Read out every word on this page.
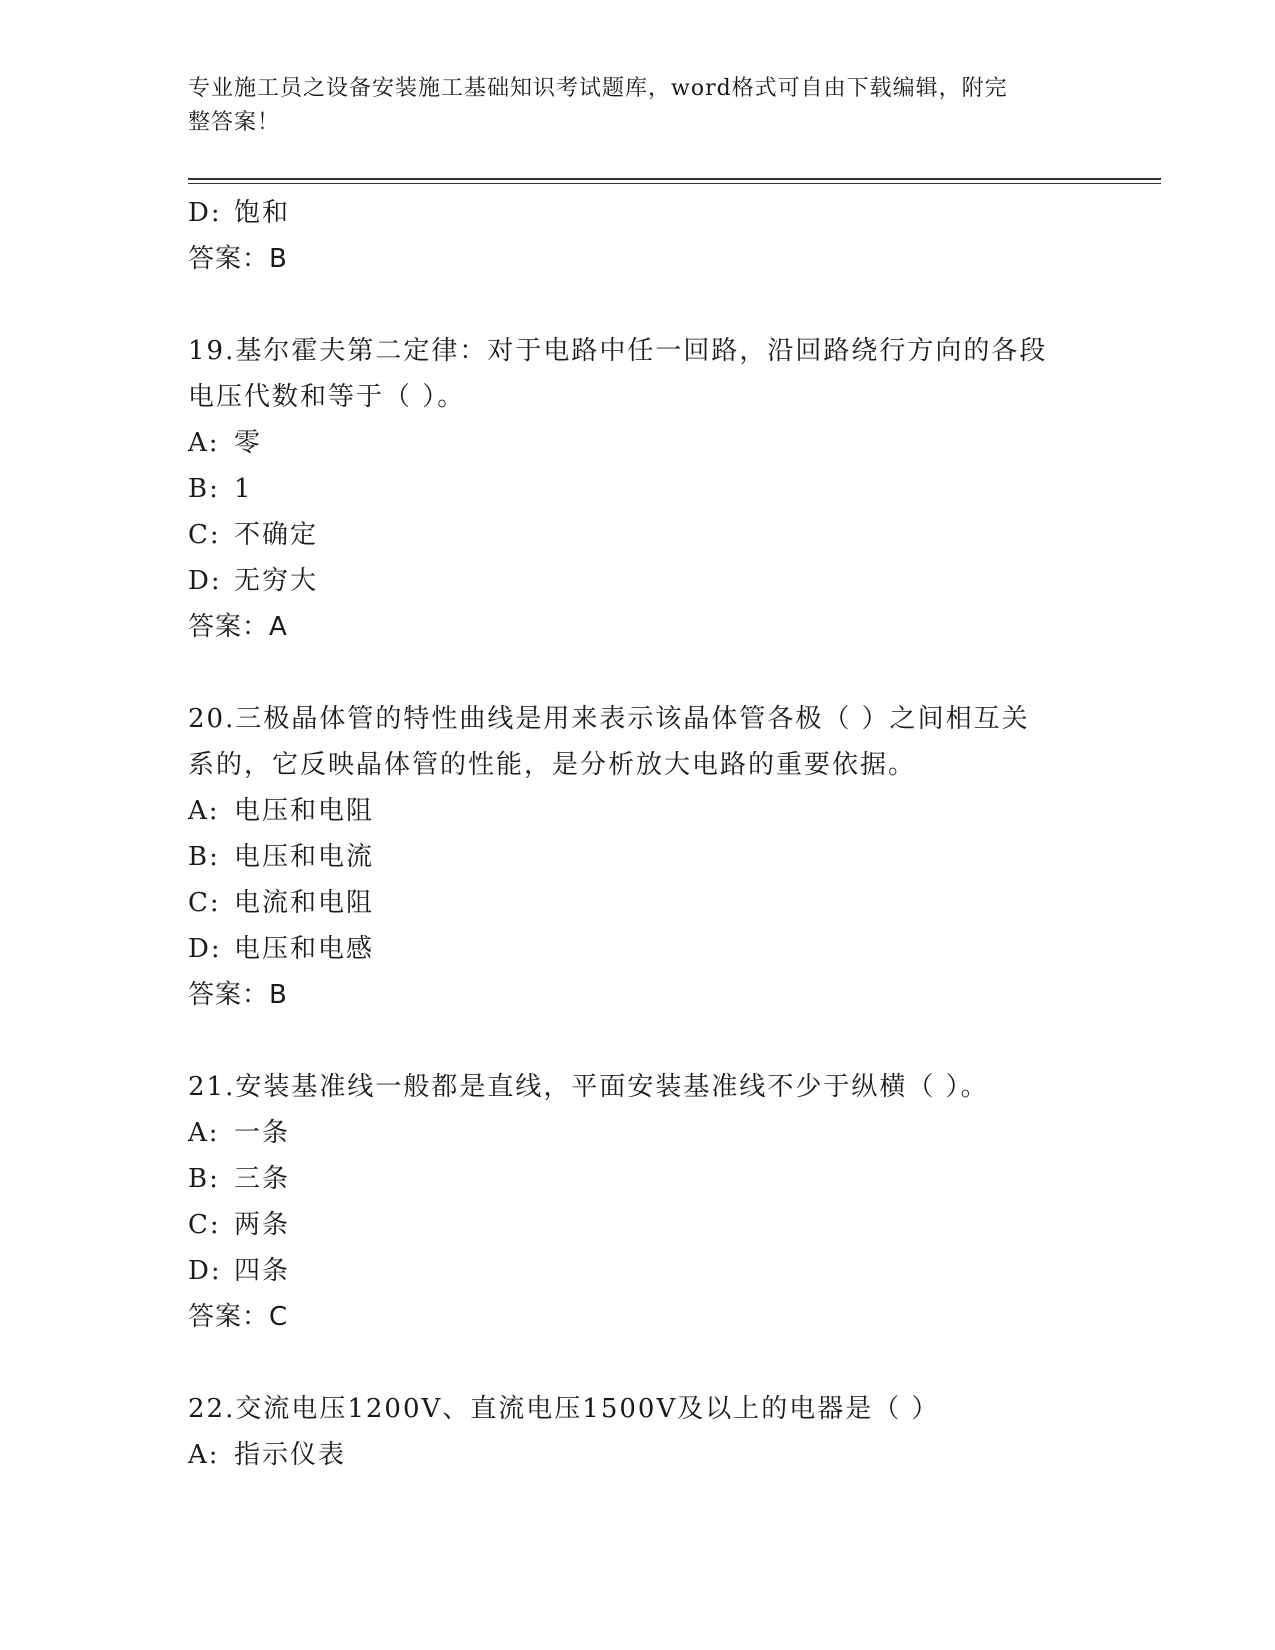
专业施工员之设备安装施工基础知识考试题库，word格式可自由下载编辑，附完
整答案！
D: 饱和
答案：B
19.基尔霍夫第二定律：对于电路中任一回路，沿回路绕行方向的各段
电压代数和等于（ ）。
A: 零
B: 1
C: 不确定
D: 无穷大
答案：A
20.三极晶体管的特性曲线是用来表示该晶体管各极（ ）之间相互关
系的，它反映晶体管的性能，是分析放大电路的重要依据。
A: 电压和电阻
B: 电压和电流
C: 电流和电阻
D: 电压和电感
答案：B
21.安装基准线一般都是直线，平面安装基准线不少于纵横（ ）。
A: 一条
B: 三条
C: 两条
D: 四条
答案：C
22.交流电压1200V、直流电压1500V及以上的电器是（ ）
A: 指示仪表
